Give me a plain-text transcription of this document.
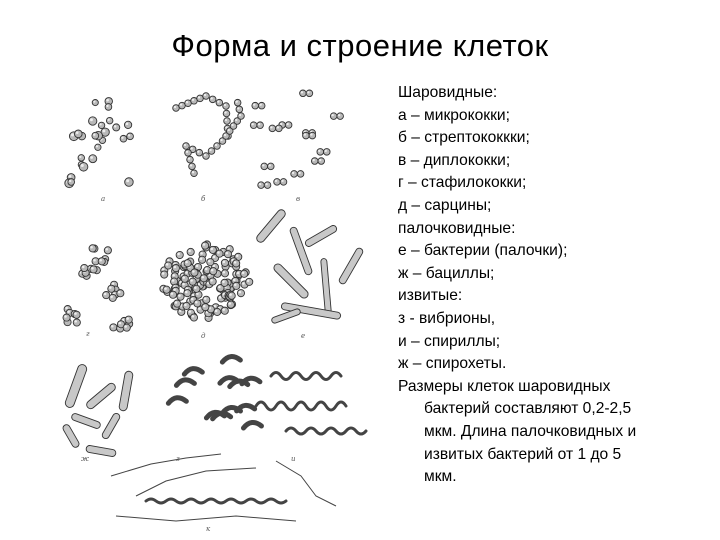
Форма и строение клеток
а	б	в
г	д	е
ж	з	и
к
Шаровидные:
а – микрококки;
б – стрептококкки;
в – диплококки;
г – стафилококки;
д – сарцины;
палочковидные:
е – бактерии (палочки);
ж – бациллы;
извитые:
з - вибрионы,
и – спириллы;
ж – спирохеты.
Размеры клеток шаровидных
бактерий составляют 0,2-2,5
мкм. Длина палочковидных и
извитых бактерий от 1 до 5
мкм.
